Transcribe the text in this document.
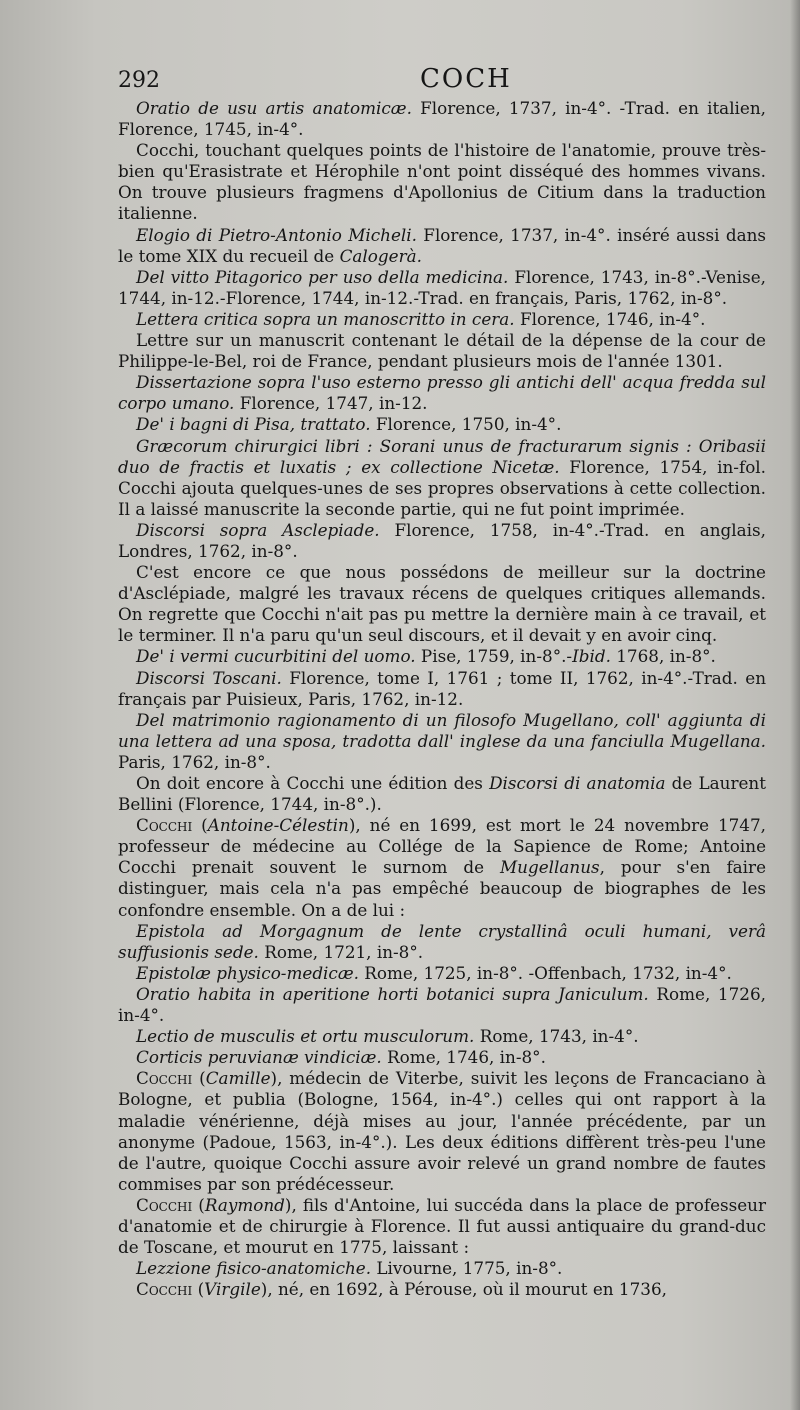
292	COCH

Oratio de usu artis anatomicæ. Florence, 1737, in-4°. -Trad. en italien, Florence, 1745, in-4°.

Cocchi, touchant quelques points de l'histoire de l'anatomie, prouve très-bien qu'Erasistrate et Hérophile n'ont point disséqué des hommes vivans. On trouve plusieurs fragmens d'Apollonius de Citium dans la traduction italienne.

Elogio di Pietro-Antonio Micheli. Florence, 1737, in-4°. inséré aussi dans le tome XIX du recueil de Calogerà.

Del vitto Pitagorico per uso della medicina. Florence, 1743, in-8°.-Venise, 1744, in-12.-Florence, 1744, in-12.-Trad. en français, Paris, 1762, in-8°.

Lettera critica sopra un manoscritto in cera. Florence, 1746, in-4°.

Lettre sur un manuscrit contenant le détail de la dépense de la cour de Philippe-le-Bel, roi de France, pendant plusieurs mois de l'année 1301.

Dissertazione sopra l'uso esterno presso gli antichi dell' acqua fredda sul corpo umano. Florence, 1747, in-12.

De' i bagni di Pisa, trattato. Florence, 1750, in-4°.

Græcorum chirurgici libri : Sorani unus de fracturarum signis : Oribasii duo de fractis et luxatis ; ex collectione Nicetæ. Florence, 1754, in-fol. Cocchi ajouta quelques-unes de ses propres observations à cette collection. Il a laissé manuscrite la seconde partie, qui ne fut point imprimée.

Discorsi sopra Asclepiade. Florence, 1758, in-4°.-Trad. en anglais, Londres, 1762, in-8°.

C'est encore ce que nous possédons de meilleur sur la doctrine d'Asclépiade, malgré les travaux récens de quelques critiques allemands. On regrette que Cocchi n'ait pas pu mettre la dernière main à ce travail, et le terminer. Il n'a paru qu'un seul discours, et il devait y en avoir cinq.

De' i vermi cucurbitini del uomo. Pise, 1759, in-8°.-Ibid. 1768, in-8°.

Discorsi Toscani. Florence, tome I, 1761 ; tome II, 1762, in-4°.-Trad. en français par Puisieux, Paris, 1762, in-12.

Del matrimonio ragionamento di un filosofo Mugellano, coll' aggiunta di una lettera ad una sposa, tradotta dall' inglese da una fanciulla Mugellana. Paris, 1762, in-8°.

On doit encore à Cocchi une édition des Discorsi di anatomia de Laurent Bellini (Florence, 1744, in-8°.).

Cocchi (Antoine-Célestin), né en 1699, est mort le 24 novembre 1747, professeur de médecine au Collége de la Sapience de Rome; Antoine Cocchi prenait souvent le surnom de Mugellanus, pour s'en faire distinguer, mais cela n'a pas empêché beaucoup de biographes de les confondre ensemble. On a de lui :

Epistola ad Morgagnum de lente crystallinâ oculi humani, verâ suffusionis sede. Rome, 1721, in-8°.

Epistolæ physico-medicæ. Rome, 1725, in-8°. -Offenbach, 1732, in-4°.

Oratio habita in aperitione horti botanici supra Janiculum. Rome, 1726, in-4°.

Lectio de musculis et ortu musculorum. Rome, 1743, in-4°.

Corticis peruvianæ vindiciæ. Rome, 1746, in-8°.

Cocchi (Camille), médecin de Viterbe, suivit les leçons de Francaciano à Bologne, et publia (Bologne, 1564, in-4°.) celles qui ont rapport à la maladie vénérienne, déjà mises au jour, l'année précédente, par un anonyme (Padoue, 1563, in-4°.). Les deux éditions diffèrent très-peu l'une de l'autre, quoique Cocchi assure avoir relevé un grand nombre de fautes commises par son prédécesseur.

Cocchi (Raymond), fils d'Antoine, lui succéda dans la place de professeur d'anatomie et de chirurgie à Florence. Il fut aussi antiquaire du grand-duc de Toscane, et mourut en 1775, laissant :

Lezzione fisico-anatomiche. Livourne, 1775, in-8°.

Cocchi (Virgile), né, en 1692, à Pérouse, où il mourut en 1736,
